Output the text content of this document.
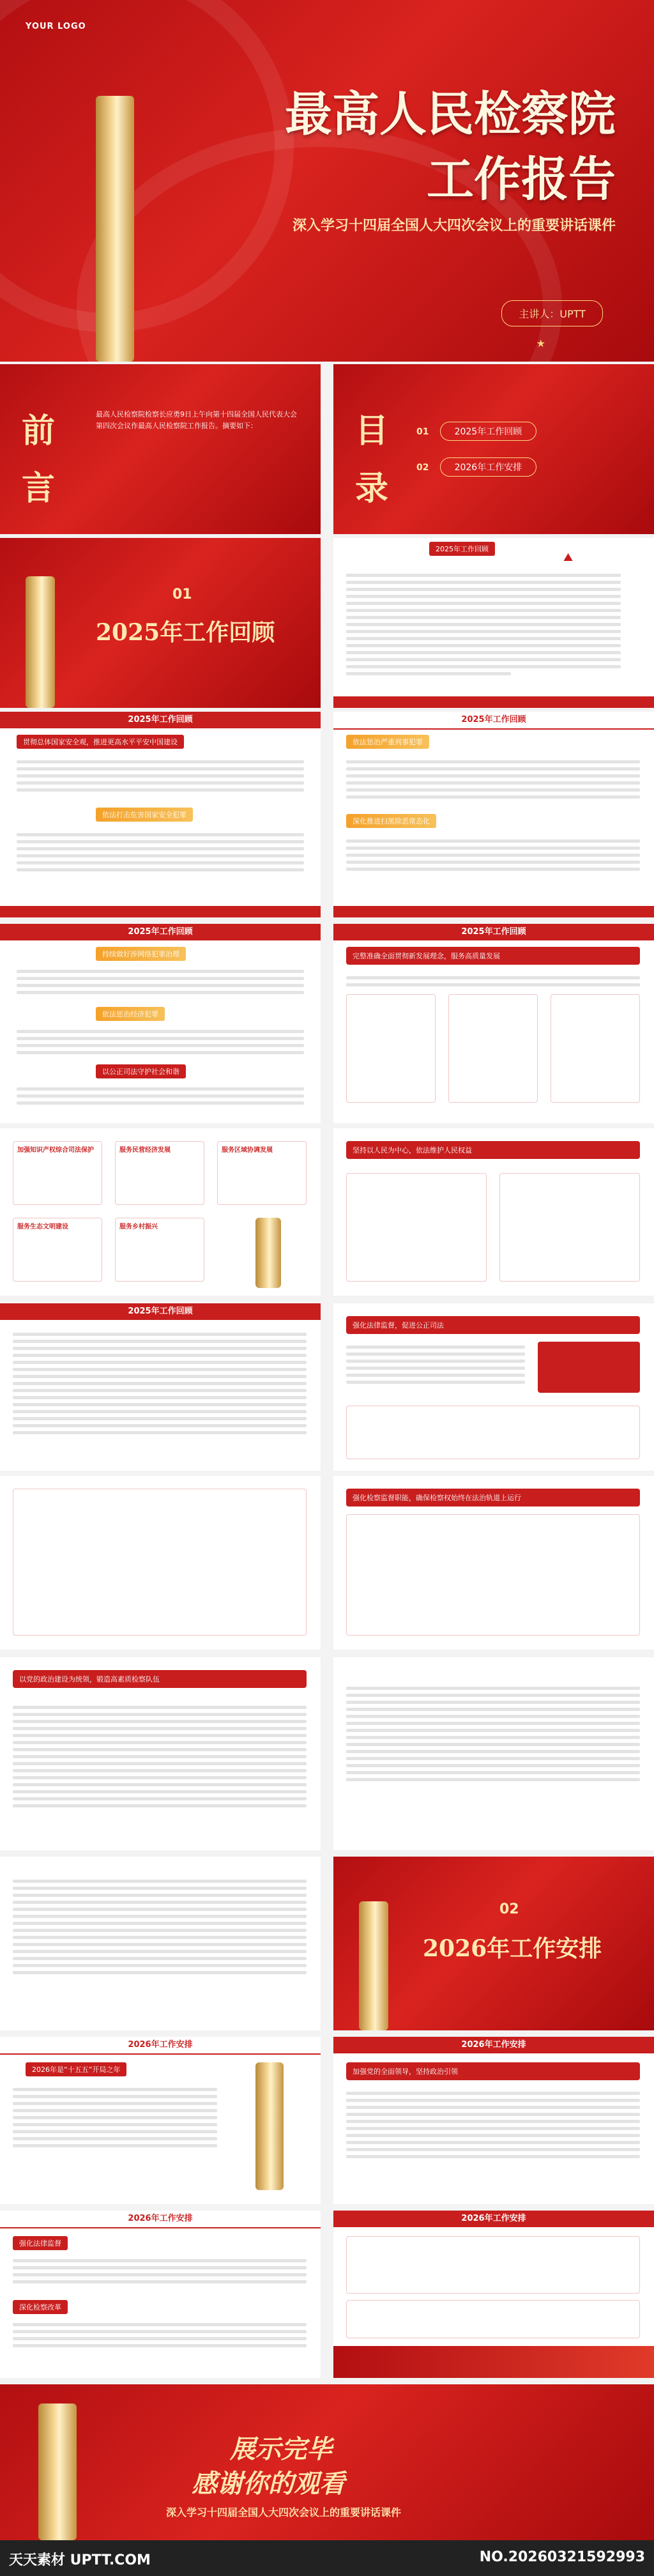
YOUR LOGO
最高人民检察院
工作报告
深入学习十四届全国人大四次会议上的重要讲话课件
主讲人：UPTT
★
前言
最高人民检察院检察长应勇9日上午向第十四届全国人民代表大会第四次会议作最高人民检察院工作报告。摘要如下：	目录
01	2025年工作回顾
02	2026年工作安排
01
2025年工作回顾
2025年工作回顾
⛰
2025年工作回顾
贯彻总体国家安全观，推进更高水平平安中国建设
依法打击危害国家安全犯罪
2025年工作回顾
依法惩治严重刑事犯罪
深化推进扫黑除恶常态化
2025年工作回顾
持续做好涉网络犯罪治理
依法惩治经济犯罪
以公正司法守护社会和谐
2025年工作回顾
完整准确全面贯彻新发展理念，服务高质量发展
加强知识产权综合司法保护	服务民营经济发展	服务区域协调发展
服务生态文明建设	服务乡村振兴
坚持以人民为中心，依法维护人民权益
2025年工作回顾
强化法律监督，促进公正司法
强化检察监督职能，确保检察权始终在法治轨道上运行
以党的政治建设为统领，锻造高素质检察队伍
02
2026年工作安排
2026年工作安排
2026年是“十五五”开局之年
2026年工作安排
加强党的全面领导，坚持政治引领
2026年工作安排
强化法律监督
深化检察改革
2026年工作安排
展示完毕
感谢你的观看
深入学习十四届全国人大四次会议上的重要讲话课件
天天素材 UPTT.COM	NO.20260321592993
